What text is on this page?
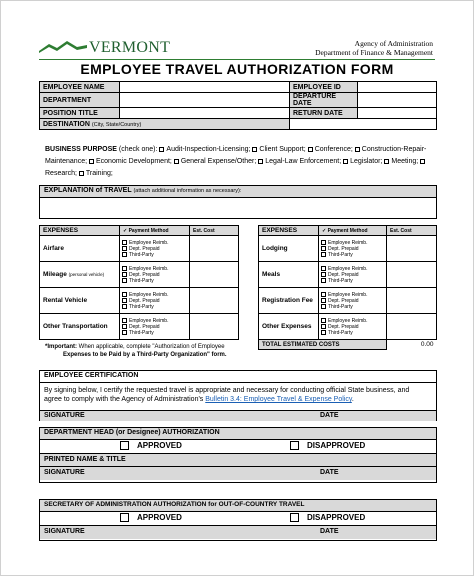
VERMONT	Agency of Administration
Department of Finance & Management
EMPLOYEE TRAVEL AUTHORIZATION FORM
EMPLOYEE NAME		EMPLOYEE ID	
DEPARTMENT		DEPARTURE DATE	
POSITION TITLE		RETURN DATE	
DESTINATION (City, State/Country)			
BUSINESS PURPOSE (check one): Audit-Inspection-Licensing; Client Support; Conference; Construction-Repair-Maintenance; Economic Development; General Expense/Other; Legal-Law Enforcement; Legislator; Meeting; Research; Training;
EXPLANATION of TRAVEL (attach additional information as necessary):
EXPENSES	✓ Payment Method	Est. Cost
Airfare	Employee Reimb.
Dept. Prepaid
Third-Party	

Mileage (personal vehicle)	Employee Reimb.
Dept. Prepaid
Third-Party	

Rental Vehicle	Employee Reimb.
Dept. Prepaid
Third-Party	

Other Transportation	Employee Reimb.
Dept. Prepaid
Third-Party	

EXPENSES	✓ Payment Method	Est. Cost
Lodging	Employee Reimb.
Dept. Prepaid
Third-Party	

Meals	Employee Reimb.
Dept. Prepaid
Third-Party	

Registration Fee	Employee Reimb.
Dept. Prepaid
Third-Party	

Other Expenses	Employee Reimb.
Dept. Prepaid
Third-Party	

TOTAL ESTIMATED COSTS		0.00
*Important: When applicable, complete "Authorization of Employee
Expenses to be Paid by a Third-Party Organization" form.
EMPLOYEE CERTIFICATION
By signing below, I certify the requested travel is appropriate and necessary for conducting official State business, and
agree to comply with the Agency of Administration's Bulletin 3.4: Employee Travel & Expense Policy.
SIGNATURE	DATE
DEPARTMENT HEAD (or Designee) AUTHORIZATION
APPROVED	DISAPPROVED
PRINTED NAME & TITLE
SIGNATURE	DATE
SECRETARY OF ADMINISTRATION AUTHORIZATION for OUT-OF-COUNTRY TRAVEL
APPROVED	DISAPPROVED
SIGNATURE	DATE
